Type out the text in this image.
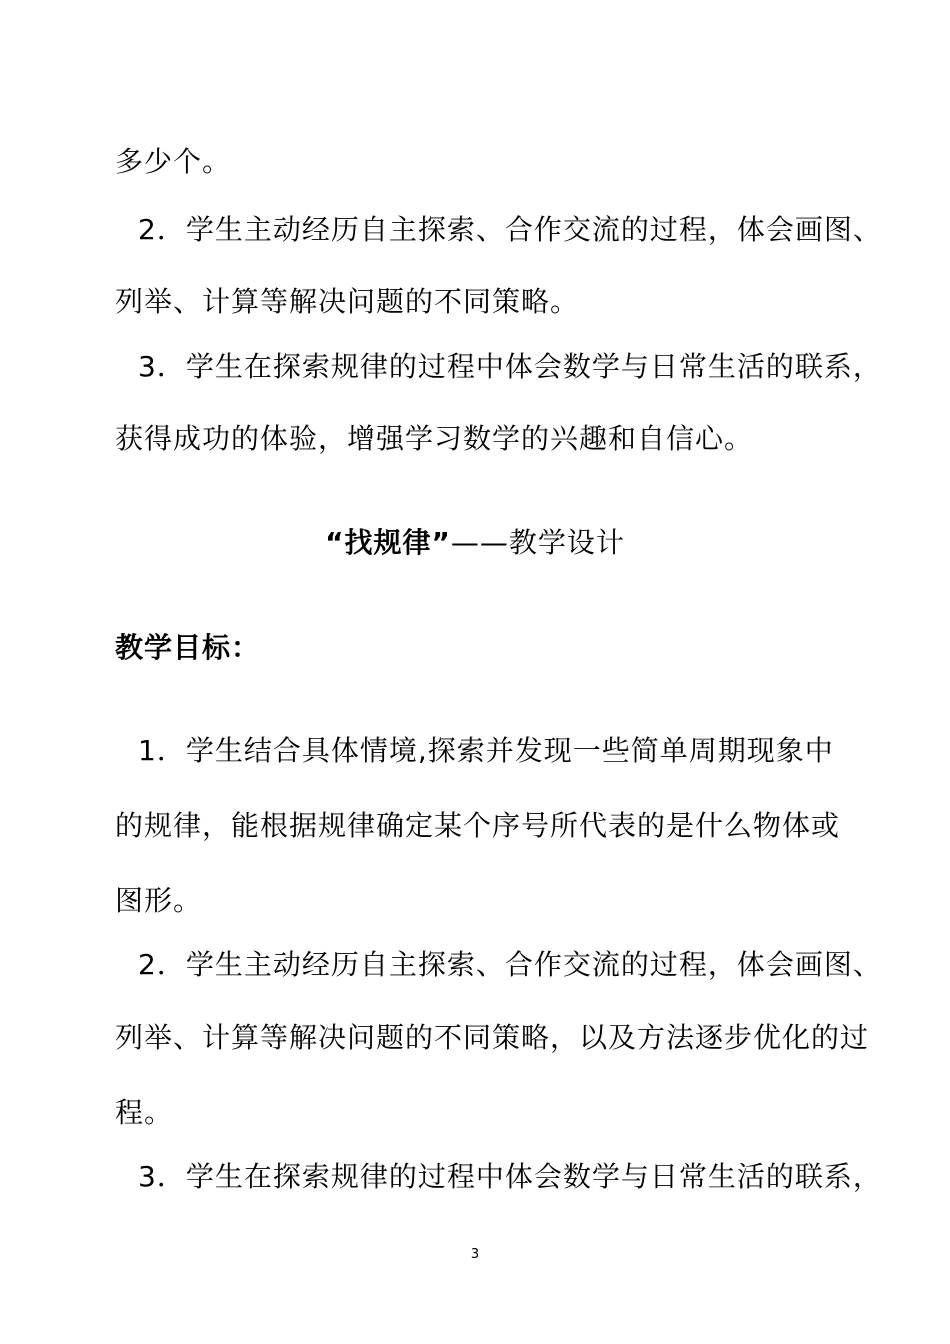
多少个。
2．学生主动经历自主探索、合作交流的过程，体会画图、
列举、计算等解决问题的不同策略。
3．学生在探索规律的过程中体会数学与日常生活的联系，
获得成功的体验，增强学习数学的兴趣和自信心。
“找规律”——教学设计
教学目标：
1．学生结合具体情境,探索并发现一些简单周期现象中
的规律，能根据规律确定某个序号所代表的是什么物体或
图形。
2．学生主动经历自主探索、合作交流的过程，体会画图、
列举、计算等解决问题的不同策略，以及方法逐步优化的过
程。
3．学生在探索规律的过程中体会数学与日常生活的联系，
3
